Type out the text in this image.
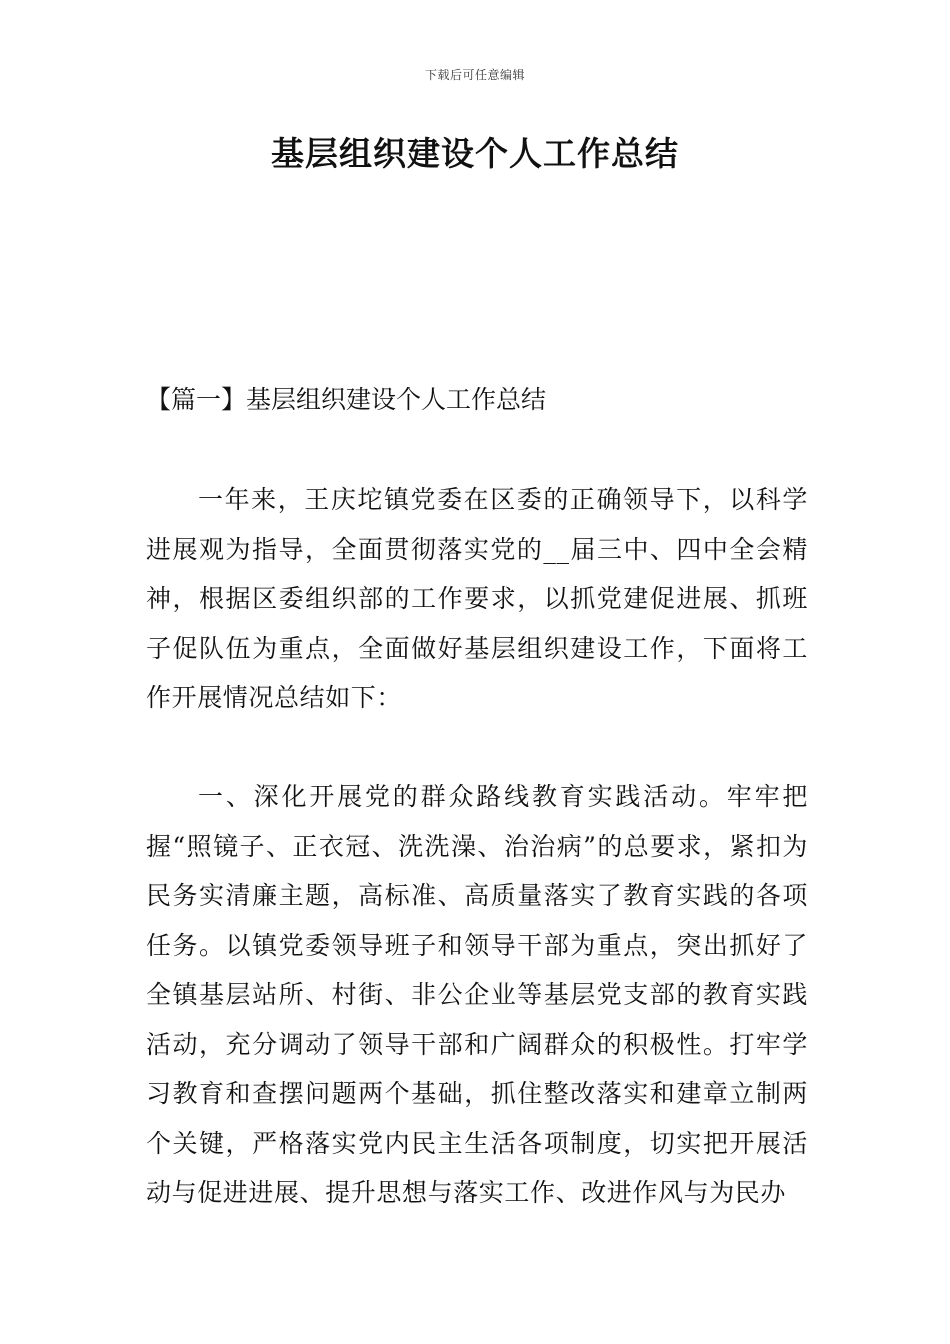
下载后可任意编辑
基层组织建设个人工作总结
【篇一】基层组织建设个人工作总结

一年来，王庆坨镇党委在区委的正确领导下，以科学进展观为指导，全面贯彻落实党的__届三中、四中全会精神，根据区委组织部的工作要求，以抓党建促进展、抓班子促队伍为重点，全面做好基层组织建设工作，下面将工作开展情况总结如下：

一、深化开展党的群众路线教育实践活动。牢牢把握“照镜子、正衣冠、洗洗澡、治治病”的总要求，紧扣为民务实清廉主题，高标准、高质量落实了教育实践的各项任务。以镇党委领导班子和领导干部为重点，突出抓好了全镇基层站所、村街、非公企业等基层党支部的教育实践活动，充分调动了领导干部和广阔群众的积极性。打牢学习教育和查摆问题两个基础，抓住整改落实和建章立制两个关键，严格落实党内民主生活各项制度，切实把开展活动与促进进展、提升思想与落实工作、改进作风与为民办
